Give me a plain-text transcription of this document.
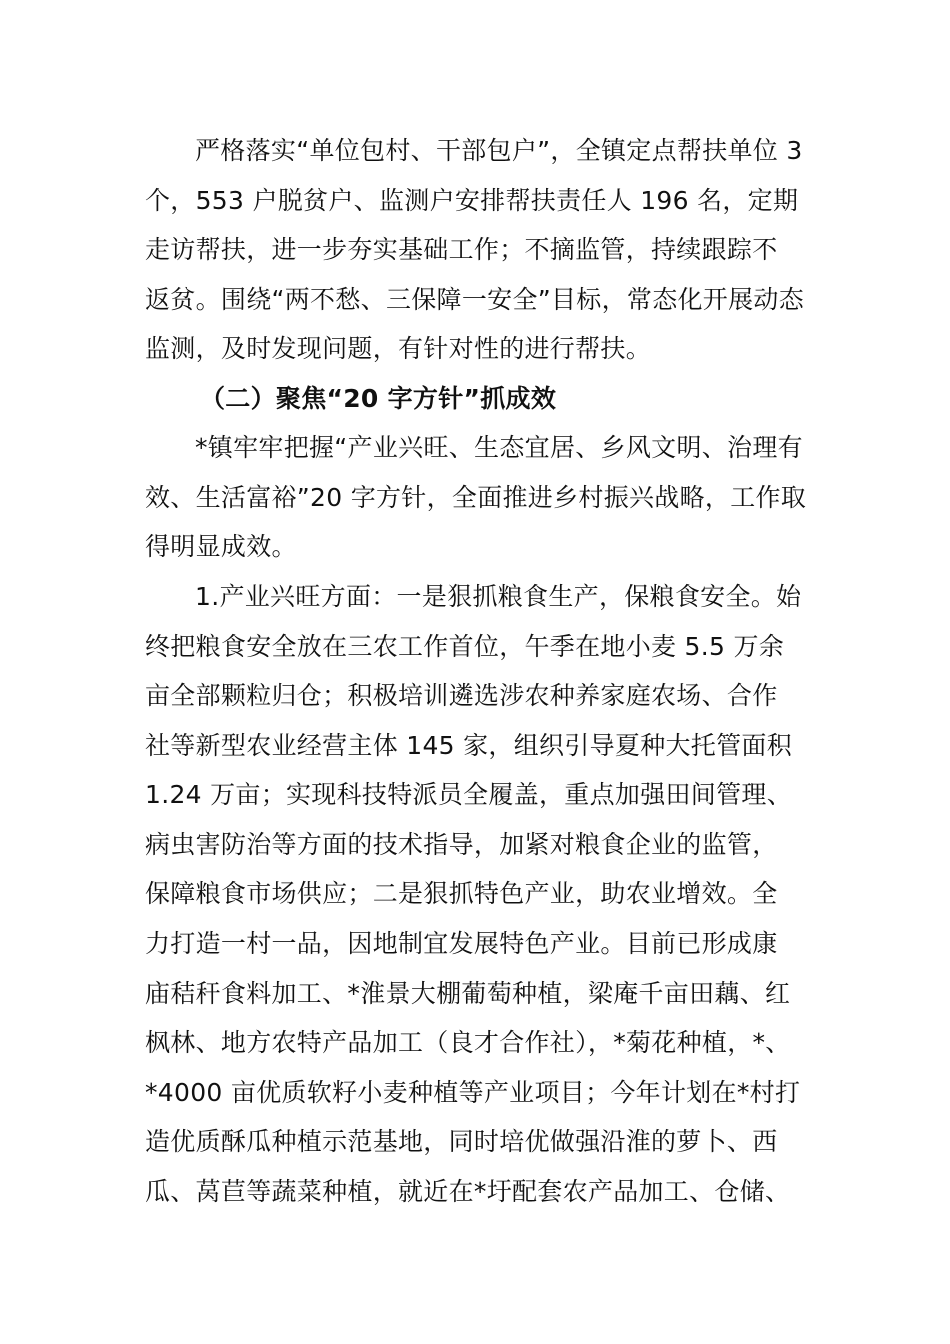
严格落实“单位包村、干部包户”，全镇定点帮扶单位 3
个，553 户脱贫户、监测户安排帮扶责任人 196 名，定期
走访帮扶，进一步夯实基础工作；不摘监管，持续跟踪不
返贫。围绕“两不愁、三保障一安全”目标，常态化开展动态
监测，及时发现问题，有针对性的进行帮扶。
（二）聚焦“20 字方针”抓成效
*镇牢牢把握“产业兴旺、生态宜居、乡风文明、治理有
效、生活富裕”20 字方针，全面推进乡村振兴战略，工作取
得明显成效。
1.产业兴旺方面：一是狠抓粮食生产，保粮食安全。始
终把粮食安全放在三农工作首位，午季在地小麦 5.5 万余
亩全部颗粒归仓；积极培训遴选涉农种养家庭农场、合作
社等新型农业经营主体 145 家，组织引导夏种大托管面积
1.24 万亩；实现科技特派员全履盖，重点加强田间管理、
病虫害防治等方面的技术指导，加紧对粮食企业的监管，
保障粮食市场供应；二是狠抓特色产业，助农业增效。全
力打造一村一品，因地制宜发展特色产业。目前已形成康
庙秸秆食料加工、*淮景大棚葡萄种植，梁庵千亩田藕、红
枫林、地方农特产品加工（良才合作社），*菊花种植，*、
*4000 亩优质软籽小麦种植等产业项目；今年计划在*村打
造优质酥瓜种植示范基地，同时培优做强沿淮的萝卜、西
瓜、莴苣等蔬菜种植，就近在*圩配套农产品加工、仓储、
